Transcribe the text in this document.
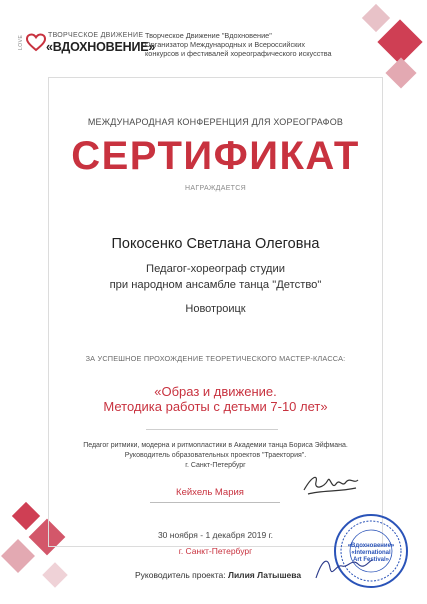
LOVE	ТВОРЧЕСКОЕ ДВИЖЕНИЕ
«ВДОХНОВЕНИЕ»
Творческое Движение "Вдохновение"
Организатор Международных и Всероссийских
конкурсов и фестивалей хореографического искусства
МЕЖДУНАРОДНАЯ КОНФЕРЕНЦИЯ ДЛЯ ХОРЕОГРАФОВ
СЕРТИФИКАТ
НАГРАЖДАЕТСЯ
Покосенко Светлана Олеговна
Педагог-хореограф студии
при народном ансамбле танца "Детство"
Новотроицк
ЗА УСПЕШНОЕ ПРОХОЖДЕНИЕ ТЕОРЕТИЧЕСКОГО МАСТЕР-КЛАССА:
«Образ и движение.
Методика работы с детьми 7-10 лет»
Педагог ритмики, модерна и ритмопластики в Академии танца Бориса Эйфмана.
Руководитель образовательных проектов "Траектория".
г. Санкт-Петербург
Кейхель Мария
30 ноября - 1 декабря 2019 г.
г. Санкт-Петербург
Руководитель проекта: Лилия Латышева
«Вдохновение»
«International
Art Festival»
